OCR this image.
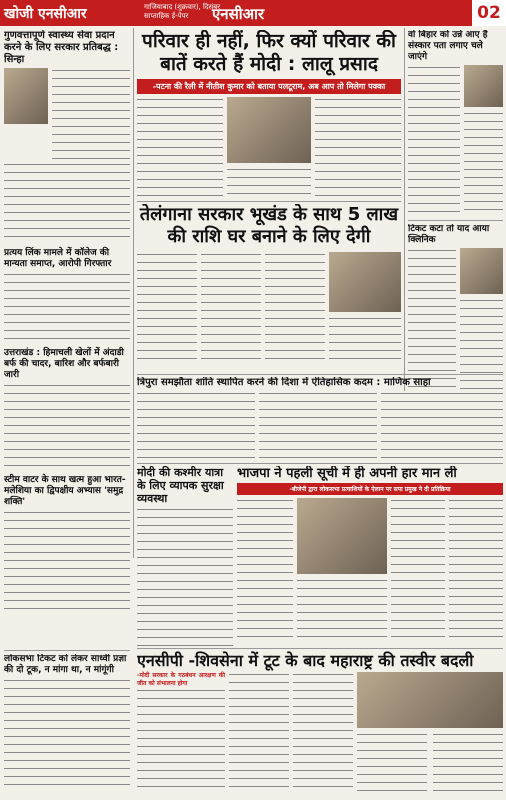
खोजी एनसीआर	गाजियाबाद (शुक्रवार), दिसंबर
साप्ताहिक ई-पेपर	एनसीआर	02
गुणवत्तापूर्ण स्वास्थ्य सेवा प्रदान करने के लिए सरकार प्रतिबद्ध : सिन्हा
प्रत्यय लिंक मामले में कॉलेज की मान्यता समाप्त, आरोपी गिरफ्तार
उत्तराखंड : हिमाचली खेलों में अंदाडी बर्फ की चादर, बारिश और बर्फबारी जारी
स्टीम वाटर के साथ खत्म हुआ भारत-मलेशिया का द्विपक्षीय अभ्यास 'समुद्र शक्ति'
लोकसभा टिकट को लेकर साध्वी प्रज्ञा की दो टूक, न मांगा था, न मांगूंगी
परिवार ही नहीं, फिर क्यों परिवार की बातें करते हैं मोदी : लालू प्रसाद
-पटना की रैली में नीतीश कुमार को बताया पलटूराम, अब आप तो मिलेगा पक्का
वो बिहार को उन्ने आए हैं संस्कार पता लगाए चले जाएंगे
टिकट कटा तो याद आया क्लिनिक
तेलंगाना सरकार भूखंड के साथ 5 लाख की राशि घर बनाने के लिए देगी
त्रिपुरा समझौता शांति स्थापित करने की दिशा में ऐतिहासिक कदम : माणिक साहा
मोदी की कश्मीर यात्रा के लिए व्यापक सुरक्षा व्यवस्था
भाजपा ने पहली सूची में ही अपनी हार मान ली
-बीजेपी द्वारा लोकसभा प्रत्याशियों के ऐलान पर सपा प्रमुख ने दी प्रतिक्रिया
एनसीपी -शिवसेना में टूट के बाद महाराष्ट्र की तस्वीर बदली
-मोदी सरकार के गठबंधन आरक्षण की जीत को संभालना होगा
